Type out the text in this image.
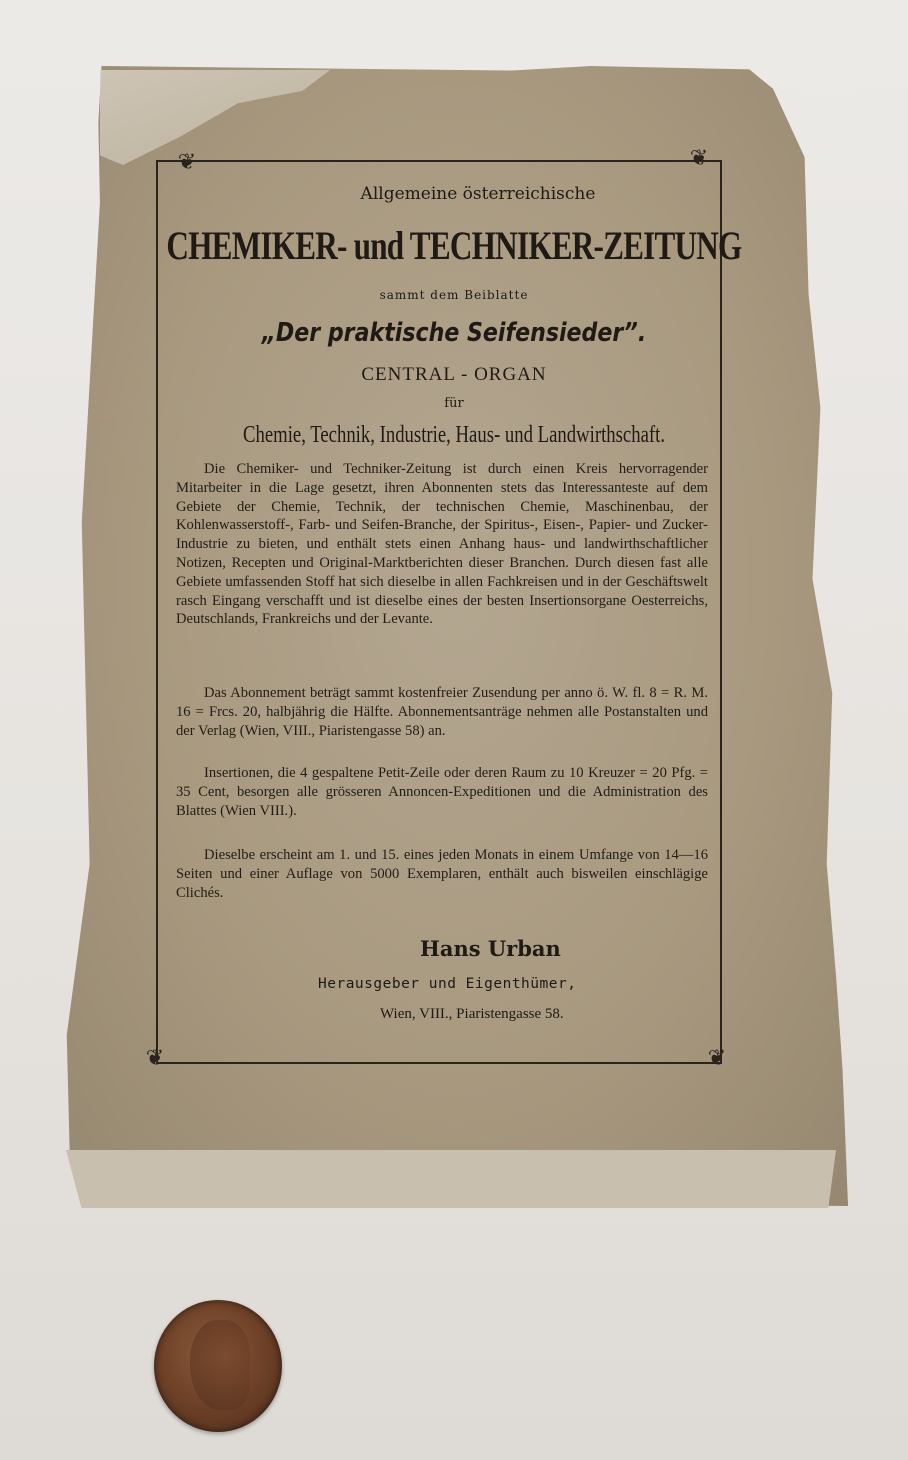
❦	❦
❦	❦
Allgemeine österreichische
CHEMIKER- und TECHNIKER-ZEITUNG
sammt dem Beiblatte
„Der praktische Seifensieder”.
CENTRAL - ORGAN
für
Chemie, Technik, Industrie, Haus- und Landwirthschaft.

Die Chemiker- und Techniker-Zeitung ist durch einen Kreis hervorragender Mitarbeiter in die Lage gesetzt, ihren Abonnenten stets das Interessanteste auf dem Gebiete der Chemie, Technik, der technischen Chemie, Maschinenbau, der Kohlenwasserstoff-, Farb- und Seifen-Branche, der Spiritus-, Eisen-, Papier- und Zucker-Industrie zu bieten, und enthält stets einen Anhang haus- und landwirthschaftlicher Notizen, Recepten und Original-Marktberichten dieser Branchen. Durch diesen fast alle Gebiete umfassenden Stoff hat sich dieselbe in allen Fachkreisen und in der Geschäftswelt rasch Eingang verschafft und ist dieselbe eines der besten Insertionsorgane Oesterreichs, Deutschlands, Frankreichs und der Levante.

Das Abonnement beträgt sammt kostenfreier Zusendung per anno ö. W. fl. 8 = R. M. 16 = Frcs. 20, halbjährig die Hälfte. Abonnementsanträge nehmen alle Postanstalten und der Verlag (Wien, VIII., Piaristengasse 58) an.

Insertionen, die 4 gespaltene Petit-Zeile oder deren Raum zu 10 Kreuzer = 20 Pfg. = 35 Cent, besorgen alle grösseren Annoncen-Expeditionen und die Administration des Blattes (Wien VIII.).

Dieselbe erscheint am 1. und 15. eines jeden Monats in einem Umfange von 14—16 Seiten und einer Auflage von 5000 Exemplaren, enthält auch bisweilen einschlägige Clichés.

Hans Urban
Herausgeber und Eigenthümer,
Wien, VIII., Piaristengasse 58.
